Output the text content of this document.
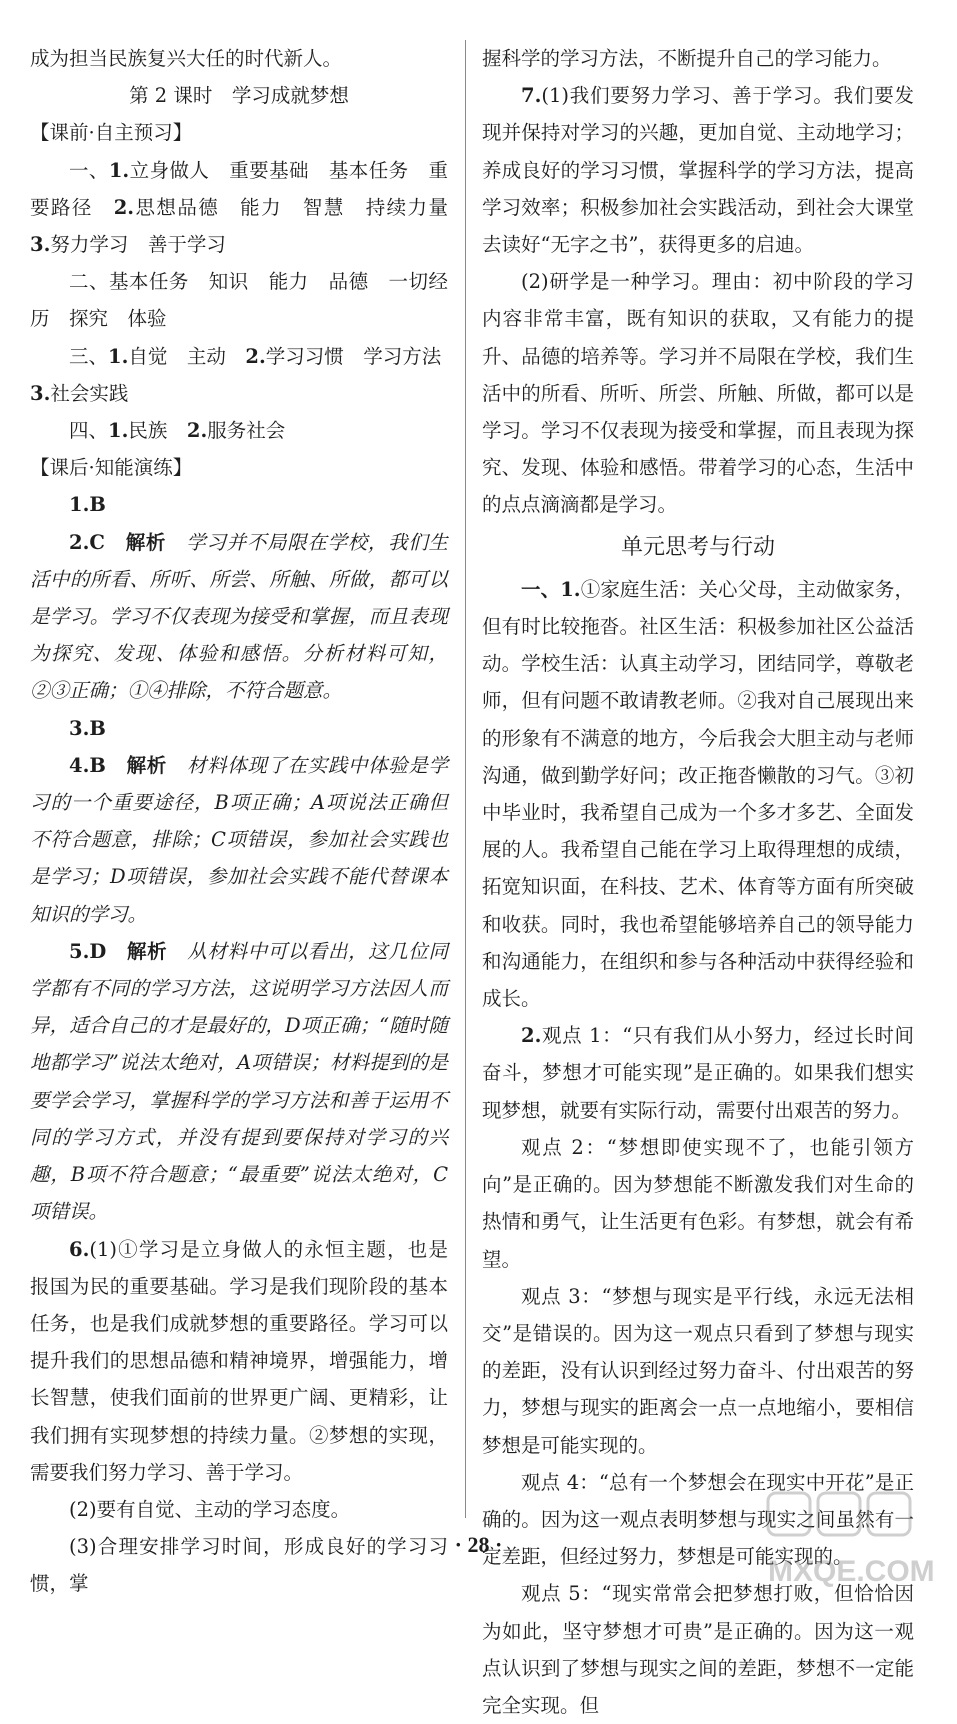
成为担当民族复兴大任的时代新人。

第 2 课时　学习成就梦想

【课前·自主预习】

一、1.立身做人　重要基础　基本任务　重要路径　2.思想品德　能力　智慧　持续力量　3.努力学习　善于学习

二、基本任务　知识　能力　品德　一切经历　探究　体验

三、1.自觉　主动　2.学习习惯　学习方法

3.社会实践

四、1.民族　2.服务社会

【课后·知能演练】

1.B

2.C　解析　 学习并不局限在学校，我们生活中的所看、所听、所尝、所触、所做，都可以是学习。学习不仅表现为接受和掌握，而且表现为探究、发现、体验和感悟。分析材料可知，②③正确；①④排除，不符合题意。

3.B

4.B　解析　 材料体现了在实践中体验是学习的一个重要途径，B项正确；A项说法正确但不符合题意，排除；C项错误，参加社会实践也是学习；D项错误，参加社会实践不能代替课本知识的学习。

5.D　解析　 从材料中可以看出，这几位同学都有不同的学习方法，这说明学习方法因人而异，适合自己的才是最好的，D项正确；“随时随地都学习”说法太绝对，A项错误；材料提到的是要学会学习，掌握科学的学习方法和善于运用不同的学习方式，并没有提到要保持对学习的兴趣，B项不符合题意；“最重要”说法太绝对，C项错误。

6.(1)①学习是立身做人的永恒主题，也是报国为民的重要基础。学习是我们现阶段的基本任务，也是我们成就梦想的重要路径。学习可以提升我们的思想品德和精神境界，增强能力，增长智慧，使我们面前的世界更广阔、更精彩，让我们拥有实现梦想的持续力量。②梦想的实现，需要我们努力学习、善于学习。

(2)要有自觉、主动的学习态度。

(3)合理安排学习时间，形成良好的学习习惯，掌

握科学的学习方法，不断提升自己的学习能力。

7.(1)我们要努力学习、善于学习。我们要发现并保持对学习的兴趣，更加自觉、主动地学习；养成良好的学习习惯，掌握科学的学习方法，提高学习效率；积极参加社会实践活动，到社会大课堂去读好“无字之书”，获得更多的启迪。

(2)研学是一种学习。理由：初中阶段的学习内容非常丰富，既有知识的获取，又有能力的提升、品德的培养等。学习并不局限在学校，我们生活中的所看、所听、所尝、所触、所做，都可以是学习。学习不仅表现为接受和掌握，而且表现为探究、发现、体验和感悟。带着学习的心态，生活中的点点滴滴都是学习。

单元思考与行动

一、1.①家庭生活：关心父母，主动做家务，但有时比较拖沓。社区生活：积极参加社区公益活动。学校生活：认真主动学习，团结同学，尊敬老师，但有问题不敢请教老师。②我对自己展现出来的形象有不满意的地方，今后我会大胆主动与老师沟通，做到勤学好问；改正拖沓懒散的习气。③初中毕业时，我希望自己成为一个多才多艺、全面发展的人。我希望自己能在学习上取得理想的成绩，拓宽知识面，在科技、艺术、体育等方面有所突破和收获。同时，我也希望能够培养自己的领导能力和沟通能力，在组织和参与各种活动中获得经验和成长。

2.观点 1：“只有我们从小努力，经过长时间奋斗，梦想才可能实现”是正确的。如果我们想实现梦想，就要有实际行动，需要付出艰苦的努力。

观点 2：“梦想即使实现不了，也能引领方向”是正确的。因为梦想能不断激发我们对生命的热情和勇气，让生活更有色彩。有梦想，就会有希望。

观点 3：“梦想与现实是平行线，永远无法相交”是错误的。因为这一观点只看到了梦想与现实的差距，没有认识到经过努力奋斗、付出艰苦的努力，梦想与现实的距离会一点一点地缩小，要相信梦想是可能实现的。

观点 4：“总有一个梦想会在现实中开花”是正确的。因为这一观点表明梦想与现实之间虽然有一定差距，但经过努力，梦想是可能实现的。

观点 5：“现实常常会把梦想打败，但恰恰因为如此，坚守梦想才可贵”是正确的。因为这一观点认识到了梦想与现实之间的差距，梦想不一定能完全实现。但

· 28 ·
MXQE.COM
